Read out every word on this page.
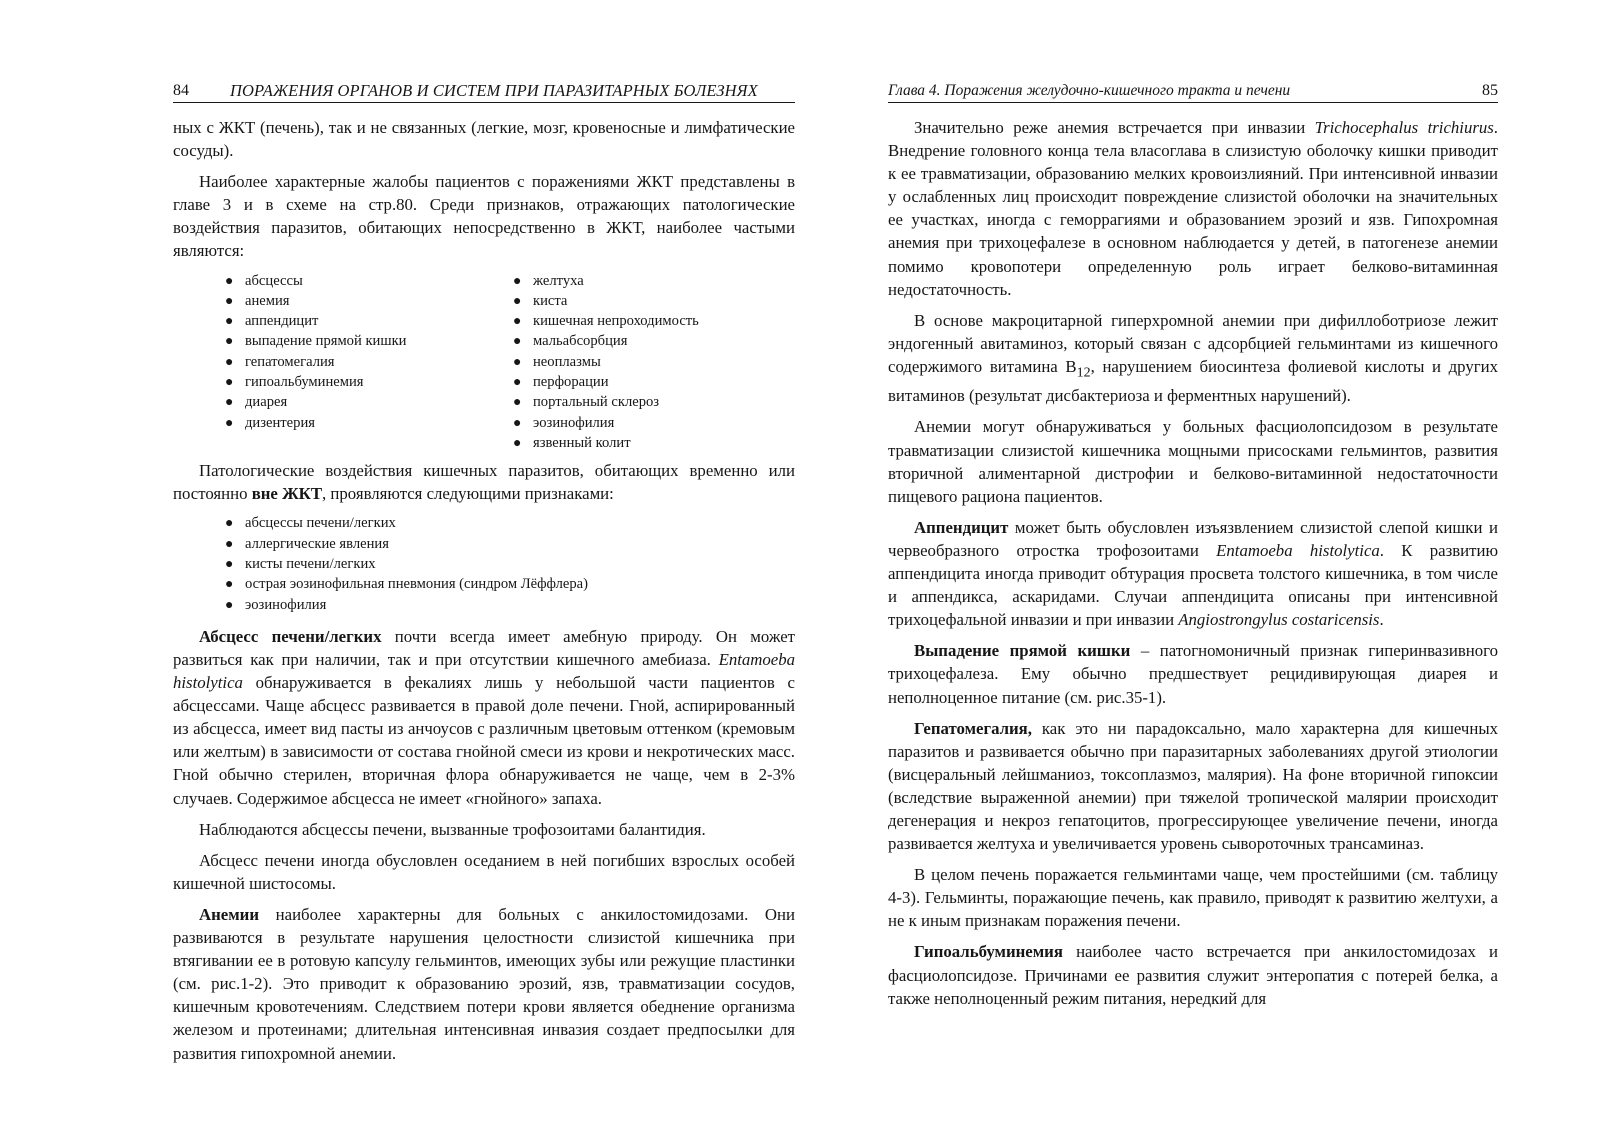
84 ПОРАЖЕНИЯ ОРГАНОВ И СИСТЕМ ПРИ ПАРАЗИТАРНЫХ БОЛЕЗНЯХ

ных с ЖКТ (печень), так и не связанных (легкие, мозг, кровеносные и лимфатические сосуды).

Наиболее характерные жалобы пациентов с поражениями ЖКТ представлены в главе 3 и в схеме на стр.80. Среди признаков, отражающих патологические воздействия паразитов, обитающих непосредственно в ЖКТ, наиболее частыми являются:

● абсцессы
● анемия
● аппендицит
● выпадение прямой кишки
● гепатомегалия
● гипоальбуминемия
● диарея
● дизентерия
● желтуха
● киста
● кишечная непроходимость
● мальабсорбция
● неоплазмы
● перфорации
● портальный склероз
● эозинофилия
● язвенный колит

Патологические воздействия кишечных паразитов, обитающих временно или постоянно вне ЖКТ, проявляются следующими признаками:

● абсцессы печени/легких
● аллергические явления
● кисты печени/легких
● острая эозинофильная пневмония (синдром Лёффлера)
● эозинофилия

Абсцесс печени/легких почти всегда имеет амебную природу. Он может развиться как при наличии, так и при отсутствии кишечного амебиаза. Entamoeba histolytica обнаруживается в фекалиях лишь у небольшой части пациентов с абсцессами. Чаще абсцесс развивается в правой доле печени. Гной, аспирированный из абсцесса, имеет вид пасты из анчоусов с различным цветовым оттенком (кремовым или желтым) в зависимости от состава гнойной смеси из крови и некротических масс. Гной обычно стерилен, вторичная флора обнаруживается не чаще, чем в 2-3% случаев. Содержимое абсцесса не имеет «гнойного» запаха.

Наблюдаются абсцессы печени, вызванные трофозоитами балантидия.

Абсцесс печени иногда обусловлен оседанием в ней погибших взрослых особей кишечной шистосомы.

Анемии наиболее характерны для больных с анкилостомидозами. Они развиваются в результате нарушения целостности слизистой кишечника при втягивании ее в ротовую капсулу гельминтов, имеющих зубы или режущие пластинки (см. рис.1-2). Это приводит к образованию эрозий, язв, травматизации сосудов, кишечным кровотечениям. Следствием потери крови является обеднение организма железом и протеинами; длительная интенсивная инвазия создает предпосылки для развития гипохромной анемии.

Глава 4. Поражения желудочно-кишечного тракта и печени	85

Значительно реже анемия встречается при инвазии Trichocephalus trichiurus. Внедрение головного конца тела власоглава в слизистую оболочку кишки приводит к ее травматизации, образованию мелких кровоизлияний. При интенсивной инвазии у ослабленных лиц происходит повреждение слизистой оболочки на значительных ее участках, иногда с геморрагиями и образованием эрозий и язв. Гипохромная анемия при трихоцефалезе в основном наблюдается у детей, в патогенезе анемии помимо кровопотери определенную роль играет белково-витаминная недостаточность.

В основе макроцитарной гиперхромной анемии при дифиллоботриозе лежит эндогенный авитаминоз, который связан с адсорбцией гельминтами из кишечного содержимого витамина $B_{12}$, нарушением биосинтеза фолиевой кислоты и других витаминов (результат дисбактериоза и ферментных нарушений).

Анемии могут обнаруживаться у больных фасциолопсидозом в результате травматизации слизистой кишечника мощными присосками гельминтов, развития вторичной алиментарной дистрофии и белково-витаминной недостаточности пищевого рациона пациентов.

Аппендицит может быть обусловлен изъязвлением слизистой слепой кишки и червеобразного отростка трофозоитами Entamoeba histolytica. К развитию аппендицита иногда приводит обтурация просвета толстого кишечника, в том числе и аппендикса, аскаридами. Случаи аппендицита описаны при интенсивной трихоцефальной инвазии и при инвазии Angiostrongylus costaricensis.

Выпадение прямой кишки – патогномоничный признак гиперинвазивного трихоцефалеза. Ему обычно предшествует рецидивирующая диарея и неполноценное питание (см. рис.35-1).

Гепатомегалия, как это ни парадоксально, мало характерна для кишечных паразитов и развивается обычно при паразитарных заболеваниях другой этиологии (висцеральный лейшманиоз, токсоплазмоз, малярия). На фоне вторичной гипоксии (вследствие выраженной анемии) при тяжелой тропической малярии происходит дегенерация и некроз гепатоцитов, прогрессирующее увеличение печени, иногда развивается желтуха и увеличивается уровень сывороточных трансаминаз.

В целом печень поражается гельминтами чаще, чем простейшими (см. таблицу 4-3). Гельминты, поражающие печень, как правило, приводят к развитию желтухи, а не к иным признакам поражения печени.

Гипоальбуминемия наиболее часто встречается при анкилостомидозах и фасциолопсидозе. Причинами ее развития служит энтеропатия с потерей белка, а также неполноценный режим питания, нередкий для
